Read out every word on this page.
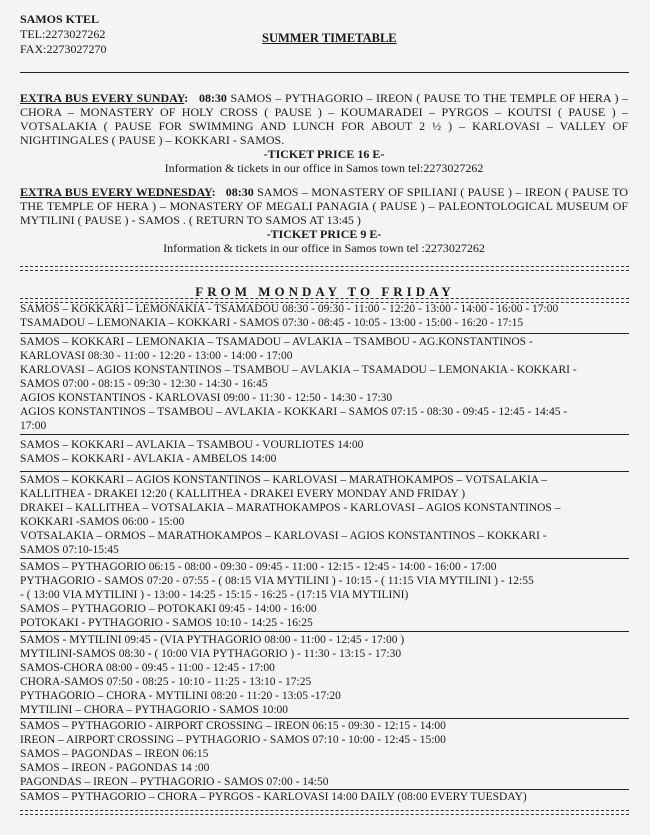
SAMOS KTEL
TEL:2273027262
FAX:2273027270
SUMMER TIMETABLE
EXTRA BUS EVERY SUNDAY: 08:30 SAMOS – PYTHAGORIO – IREON ( PAUSE TO THE TEMPLE OF HERA ) – CHORA – MONASTERY OF HOLY CROSS ( PAUSE ) – KOUMARADEI – PYRGOS – KOUTSI ( PAUSE ) – VOTSALAKIA ( PAUSE FOR SWIMMING AND LUNCH FOR ABOUT 2 ½ ) – KARLOVASI – VALLEY OF NIGHTINGALES ( PAUSE ) – KOKKARI - SAMOS.
-TICKET PRICE 16 E-
Information & tickets in our office in Samos town tel:2273027262
EXTRA BUS EVERY WEDNESDAY: 08:30 SAMOS – MONASTERY OF SPILIANI ( PAUSE ) – IREON ( PAUSE TO THE TEMPLE OF HERA ) – MONASTERY OF MEGALI PANAGIA ( PAUSE ) – PALEONTOLOGICAL MUSEUM OF MYTILINI ( PAUSE ) - SAMOS . ( RETURN TO SAMOS AT 13:45 )
-TICKET PRICE 9 E-
Information & tickets in our office in Samos town tel :2273027262
FROM MONDAY TO FRIDAY
SAMOS – KOKKARI – LEMONAKIA - TSAMADOU 08:30 - 09:30 - 11:00 - 12:20 - 13:00 - 14:00 - 16:00 - 17:00
TSAMADOU – LEMONAKIA – KOKKARI - SAMOS 07:30 - 08:45 - 10:05 - 13:00 - 15:00 - 16:20 - 17:15
SAMOS – KOKKARI – LEMONAKIA – TSAMADOU – AVLAKIA – TSAMBOU - AG.KONSTANTINOS -
KARLOVASI 08:30 - 11:00 - 12:20 - 13:00 - 14:00 - 17:00
KARLOVASI – AGIOS KONSTANTINOS – TSAMBOU – AVLAKIA – TSAMADOU – LEMONAKIA - KOKKARI -
SAMOS 07:00 - 08:15 - 09:30 - 12:30 - 14:30 - 16:45
AGIOS KONSTANTINOS - KARLOVASI 09:00 - 11:30 - 12:50 - 14:30 - 17:30
AGIOS KONSTANTINOS – TSAMBOU – AVLAKIA - KOKKARI – SAMOS 07:15 - 08:30 - 09:45 - 12:45 - 14:45 -
17:00
SAMOS – KOKKARI – AVLAKIA – TSAMBOU - VOURLIOTES 14:00
SAMOS – KOKKARI - AVLAKIA - AMBELOS 14:00
SAMOS – KOKKARI – AGIOS KONSTANTINOS – KARLOVASI – MARATHOKAMPOS – VOTSALAKIA –
KALLITHEA - DRAKEI 12:20 ( KALLITHEA - DRAKEI EVERY MONDAY AND FRIDAY )
DRAKEI – KALLITHEA – VOTSALAKIA – MARATHOKAMPOS - KARLOVASI – AGIOS KONSTANTINOS –
KOKKARI -SAMOS 06:00 - 15:00
VOTSALAKIA – ORMOS – MARATHOKAMPOS – KARLOVASI – AGIOS KONSTANTINOS – KOKKARI -
SAMOS 07:10-15:45
SAMOS – PYTHAGORIO 06:15 - 08:00 - 09:30 - 09:45 - 11:00 - 12:15 - 12:45 - 14:00 - 16:00 - 17:00
PYTHAGORIO - SAMOS 07:20 - 07:55 - ( 08:15 VIA MYTILINI ) - 10:15 - ( 11:15 VIA MYTILINI ) - 12:55
- ( 13:00 VIA MYTILINI ) - 13:00 - 14:25 - 15:15 - 16:25 - (17:15 VIA MYTILINI)
SAMOS – PYTHAGORIO – POTOKAKI 09:45 - 14:00 - 16:00
POTOKAKI - PYTHAGORIO - SAMOS 10:10 - 14:25 - 16:25
SAMOS - MYTILINI 09:45 - (VIA PYTHAGORIO 08:00 - 11:00 - 12:45 - 17:00 )
MYTILINI-SAMOS 08:30 - ( 10:00 VIA PYTHAGORIO ) - 11:30 - 13:15 - 17:30
SAMOS-CHORA 08:00 - 09:45 - 11:00 - 12:45 - 17:00
CHORA-SAMOS 07:50 - 08:25 - 10:10 - 11:25 - 13:10 - 17:25
PYTHAGORIO – CHORA - MYTILINI 08:20 - 11:20 - 13:05 -17:20
MYTILINI – CHORA – PYTHAGORIO - SAMOS 10:00
SAMOS – PYTHAGORIO - AIRPORT CROSSING – IREON 06:15 - 09:30 - 12:15 - 14:00
IREON – AIRPORT CROSSING – PYTHAGORIO - SAMOS 07:10 - 10:00 - 12:45 - 15:00
SAMOS – PAGONDAS – IREON 06:15
SAMOS – IREON - PAGONDAS 14 :00
PAGONDAS – IREON – PYTHAGORIO - SAMOS 07:00 - 14:50
SAMOS – PYTHAGORIO – CHORA – PYRGOS - KARLOVASI 14:00 DAILY (08:00 EVERY TUESDAY)
